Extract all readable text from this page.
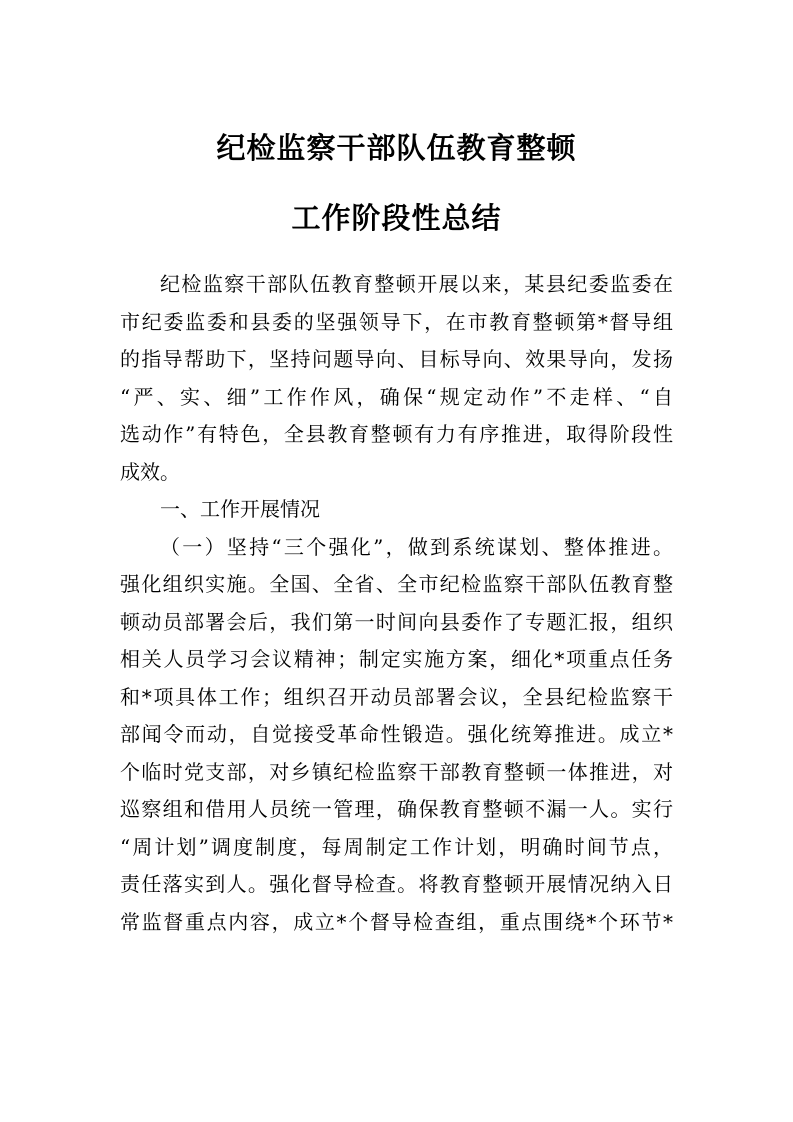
纪检监察干部队伍教育整顿
工作阶段性总结
纪检监察干部队伍教育整顿开展以来，某县纪委监委在
市纪委监委和县委的坚强领导下，在市教育整顿第*督导组
的指导帮助下，坚持问题导向、目标导向、效果导向，发扬
“严、实、细”工作作风，确保“规定动作”不走样、“自
选动作”有特色，全县教育整顿有力有序推进，取得阶段性
成效。
一、工作开展情况
（一）坚持“三个强化”，做到系统谋划、整体推进。
强化组织实施。全国、全省、全市纪检监察干部队伍教育整
顿动员部署会后，我们第一时间向县委作了专题汇报，组织
相关人员学习会议精神；制定实施方案，细化*项重点任务
和*项具体工作；组织召开动员部署会议，全县纪检监察干
部闻令而动，自觉接受革命性锻造。强化统筹推进。成立*
个临时党支部，对乡镇纪检监察干部教育整顿一体推进，对
巡察组和借用人员统一管理，确保教育整顿不漏一人。实行
“周计划”调度制度，每周制定工作计划，明确时间节点，
责任落实到人。强化督导检查。将教育整顿开展情况纳入日
常监督重点内容，成立*个督导检查组，重点围绕*个环节*
